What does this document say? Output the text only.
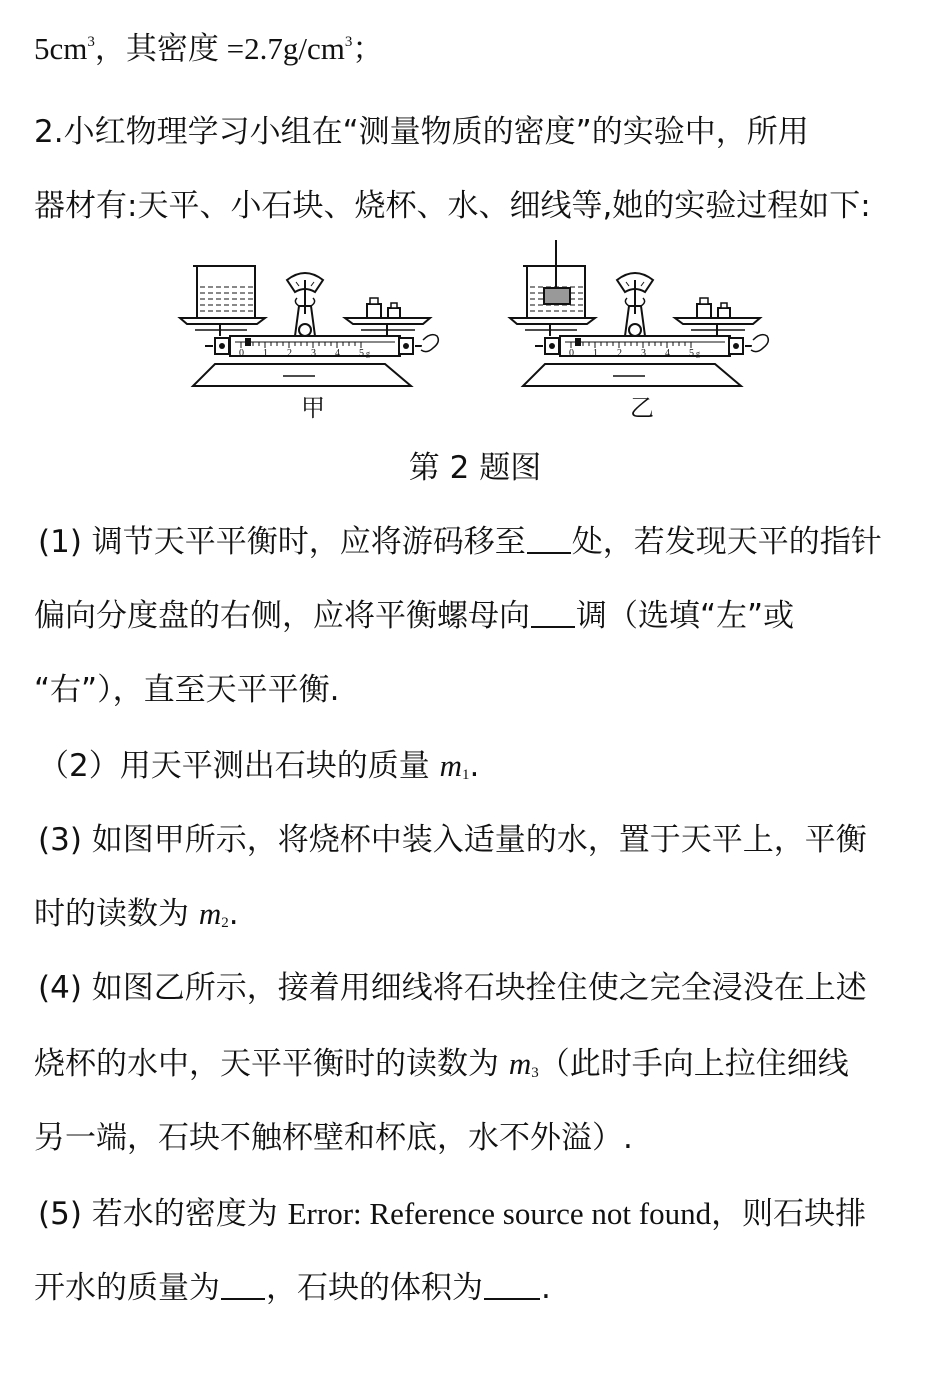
$5cm^3$，其密度 $=2.7g/cm^3$；
2.小红物理学习小组在“测量物质的密度”的实验中，所用
器材有:天平、小石块、烧杯、水、细线等,她的实验过程如下:
0 1 2 3 4 5 g	0 1 2 3 4 5 g
甲	乙
第 2 题图
(1) 调节天平平衡时，应将游码移至 处，若发现天平的指针
偏向分度盘的右侧，应将平衡螺母向 调（选填“左”或
“右”），直至天平平衡.
（2）用天平测出石块的质量 $m_1$.
(3) 如图甲所示，将烧杯中装入适量的水，置于天平上，平衡
时的读数为 $m_2$.
(4) 如图乙所示，接着用细线将石块拴住使之完全浸没在上述
烧杯的水中，天平平衡时的读数为 $m_3$（此时手向上拉住细线
另一端，石块不触杯壁和杯底，水不外溢）.
(5) 若水的密度为 Error: Reference source not found，则石块排
开水的质量为 ，石块的体积为 .
